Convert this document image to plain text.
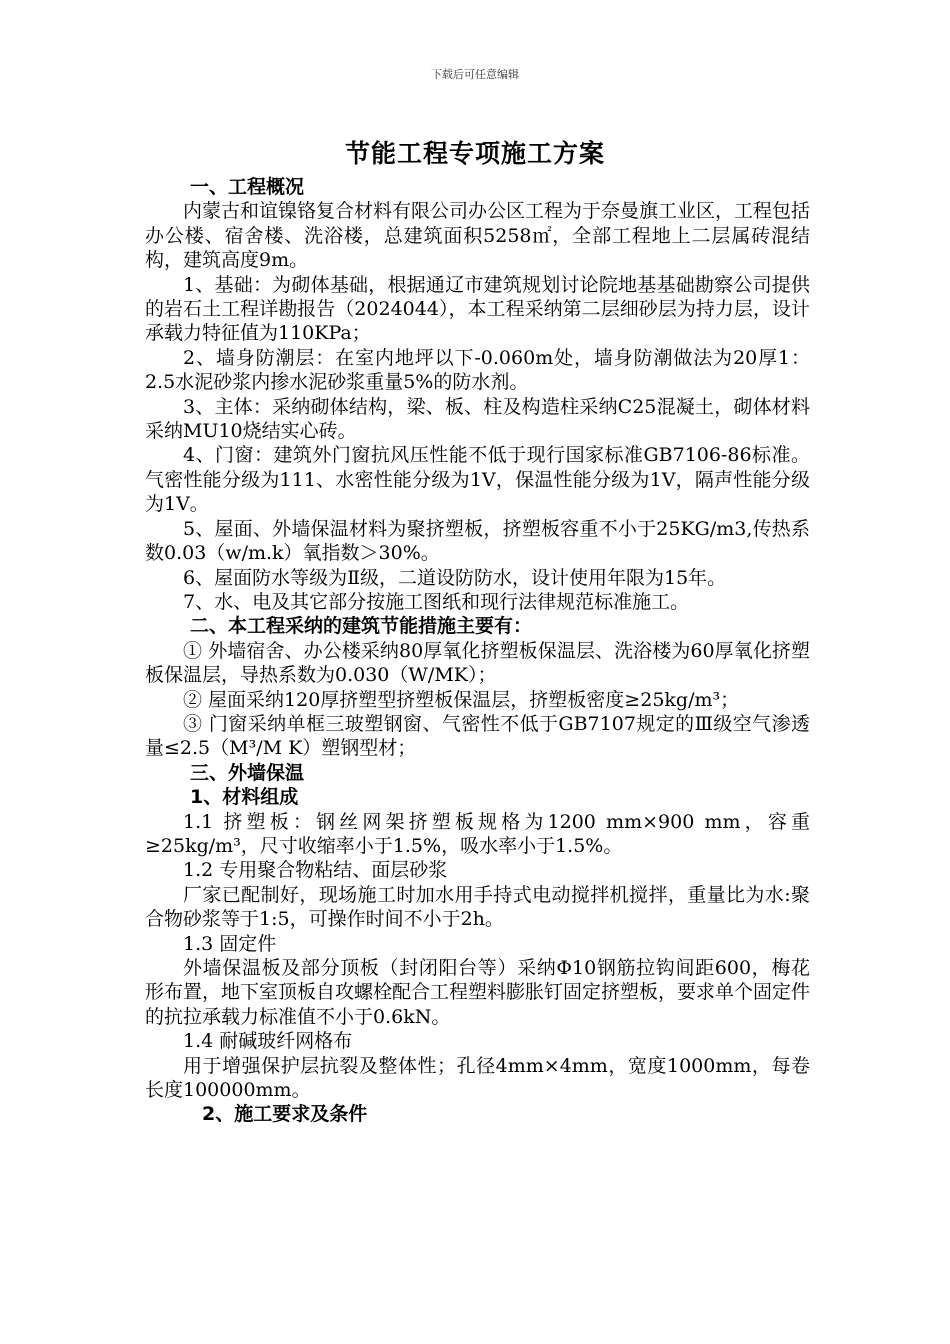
下载后可任意编辑
节能工程专项施工方案

一、工程概况

内蒙古和谊镍铬复合材料有限公司办公区工程为于奈曼旗工业区，工程包括办公楼、宿舍楼、洗浴楼，总建筑面积5258㎡，全部工程地上二层属砖混结构，建筑高度9m。

1、基础：为砌体基础，根据通辽市建筑规划讨论院地基基础勘察公司提供的岩石土工程详勘报告（2024044），本工程采纳第二层细砂层为持力层，设计承载力特征值为110KPa；

2、墙身防潮层：在室内地坪以下-0.060m处，墙身防潮做法为20厚1：2.5水泥砂浆内掺水泥砂浆重量5%的防水剂。

3、主体：采纳砌体结构，梁、板、柱及构造柱采纳C25混凝土，砌体材料采纳MU10烧结实心砖。

4、门窗：建筑外门窗抗风压性能不低于现行国家标准GB7106-86标准。气密性能分级为111、水密性能分级为1V，保温性能分级为1V，隔声性能分级为1V。

5、屋面、外墙保温材料为聚挤塑板，挤塑板容重不小于25KG/m3,传热系数0.03（w/m.k）氧指数＞30%。

6、屋面防水等级为Ⅱ级，二道设防防水，设计使用年限为15年。

7、水、电及其它部分按施工图纸和现行法律规范标准施工。

二、本工程采纳的建筑节能措施主要有：

① 外墙宿舍、办公楼采纳80厚氧化挤塑板保温层、洗浴楼为60厚氧化挤塑板保温层，导热系数为0.030（W/MK）；

② 屋面采纳120厚挤塑型挤塑板保温层，挤塑板密度≥25kg/m³；

③ 门窗采纳单框三玻塑钢窗、气密性不低于GB7107规定的Ⅲ级空气渗透量≤2.5（M³/M K）塑钢型材；

三、外墙保温

1、材料组成

1.1 挤塑板：钢丝网架挤塑板规格为1200 mm×900 mm，容重≥25kg/m³，尺寸收缩率小于1.5%，吸水率小于1.5%。

1.2 专用聚合物粘结、面层砂浆

厂家已配制好，现场施工时加水用手持式电动搅拌机搅拌，重量比为水:聚合物砂浆等于1:5，可操作时间不小于2h。

1.3 固定件

外墙保温板及部分顶板（封闭阳台等）采纳Φ10钢筋拉钩间距600，梅花形布置，地下室顶板自攻螺栓配合工程塑料膨胀钉固定挤塑板，要求单个固定件的抗拉承载力标准值不小于0.6kN。

1.4 耐碱玻纤网格布

用于增强保护层抗裂及整体性；孔径4mm×4mm，宽度1000mm，每卷长度100000mm。

2、施工要求及条件
